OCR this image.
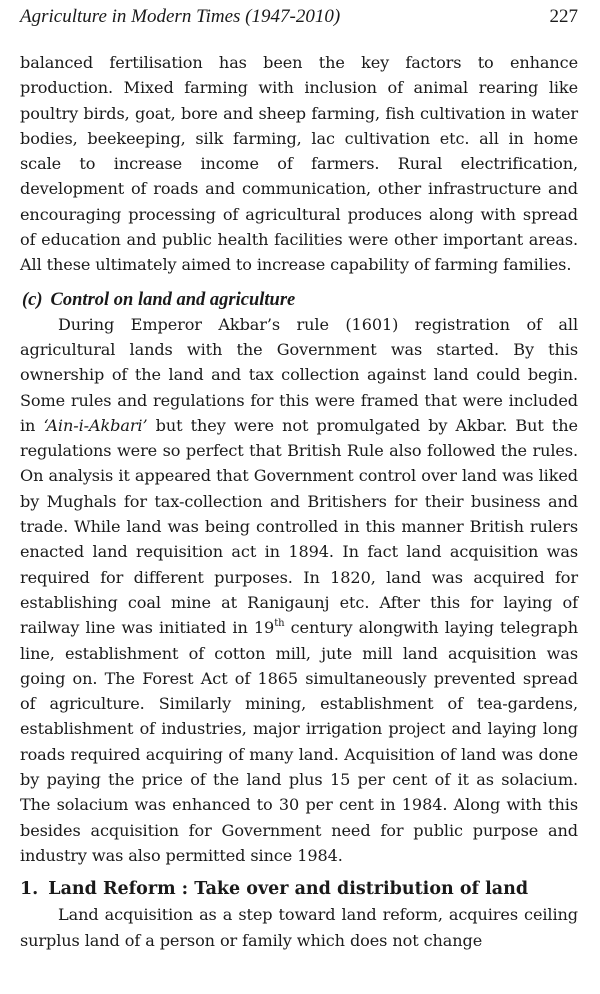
Agriculture in Modern Times (1947-2010)	227

balanced fertilisation has been the key factors to enhance production. Mixed farming with inclusion of animal rearing like poultry birds, goat, bore and sheep farming, fish cultivation in water bodies, beekeeping, silk farming, lac cultivation etc. all in home scale to increase income of farmers. Rural electrification, development of roads and communication, other infrastructure and encouraging processing of agricultural produces along with spread of education and public health facilities were other important areas. All these ultimately aimed to increase capability of farming families.

(c) Control on land and agriculture

During Emperor Akbar’s rule (1601) registration of all agricultural lands with the Government was started. By this ownership of the land and tax collection against land could begin. Some rules and regulations for this were framed that were included in ‘Ain-i-Akbari’ but they were not promulgated by Akbar. But the regulations were so perfect that British Rule also followed the rules. On analysis it appeared that Government control over land was liked by Mughals for tax-collection and Britishers for their business and trade. While land was being controlled in this manner British rulers enacted land requisition act in 1894. In fact land acquisition was required for different purposes. In 1820, land was acquired for establishing coal mine at Ranigaunj etc. After this for laying of railway line was initiated in 19th century alongwith laying telegraph line, establishment of cotton mill, jute mill land acquisition was going on. The Forest Act of 1865 simultaneously prevented spread of agriculture. Similarly mining, establishment of tea-gardens, establishment of industries, major irrigation project and laying long roads required acquiring of many land. Acquisition of land was done by paying the price of the land plus 15 per cent of it as solacium. The solacium was enhanced to 30 per cent in 1984. Along with this besides acquisition for Government need for public purpose and industry was also permitted since 1984.

1. Land Reform : Take over and distribution of land

Land acquisition as a step toward land reform, acquires ceiling surplus land of a person or family which does not change
